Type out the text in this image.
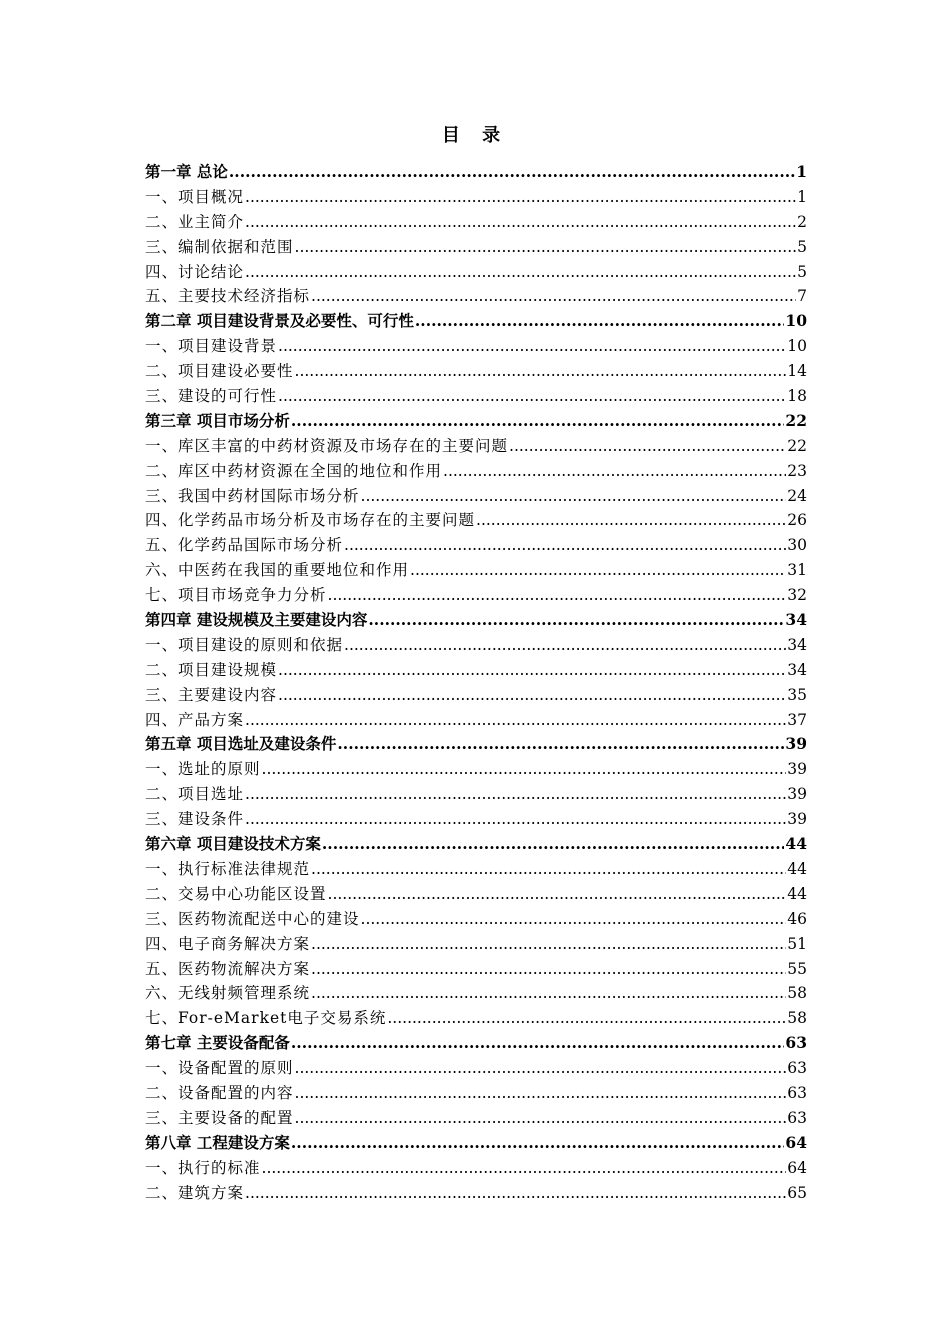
目 录
第一章 总论 .....	1
一、项目概况 .....	1
二、业主简介 .....	2
三、编制依据和范围 .....	5
四、讨论结论 .....	5
五、主要技术经济指标 .....	7
第二章 项目建设背景及必要性、可行性 .....	10
一、项目建设背景 .....	10
二、项目建设必要性 .....	14
三、建设的可行性 .....	18
第三章 项目市场分析 .....	22
一、库区丰富的中药材资源及市场存在的主要问题 .....	22
二、库区中药材资源在全国的地位和作用 .....	23
三、我国中药材国际市场分析 .....	24
四、化学药品市场分析及市场存在的主要问题 .....	26
五、化学药品国际市场分析 .....	30
六、中医药在我国的重要地位和作用 .....	31
七、项目市场竞争力分析 .....	32
第四章 建设规模及主要建设内容 .....	34
一、项目建设的原则和依据 .....	34
二、项目建设规模 .....	34
三、主要建设内容 .....	35
四、产品方案 .....	37
第五章 项目选址及建设条件 .....	39
一、选址的原则 .....	39
二、项目选址 .....	39
三、建设条件 .....	39
第六章 项目建设技术方案 .....	44
一、执行标准法律规范 .....	44
二、交易中心功能区设置 .....	44
三、医药物流配送中心的建设 .....	46
四、电子商务解决方案 .....	51
五、医药物流解决方案 .....	55
六、无线射频管理系统 .....	58
七、For-eMarket电子交易系统 .....	58
第七章 主要设备配备 .....	63
一、设备配置的原则 .....	63
二、设备配置的内容 .....	63
三、主要设备的配置 .....	63
第八章 工程建设方案 .....	64
一、执行的标准 .....	64
二、建筑方案 .....	65
